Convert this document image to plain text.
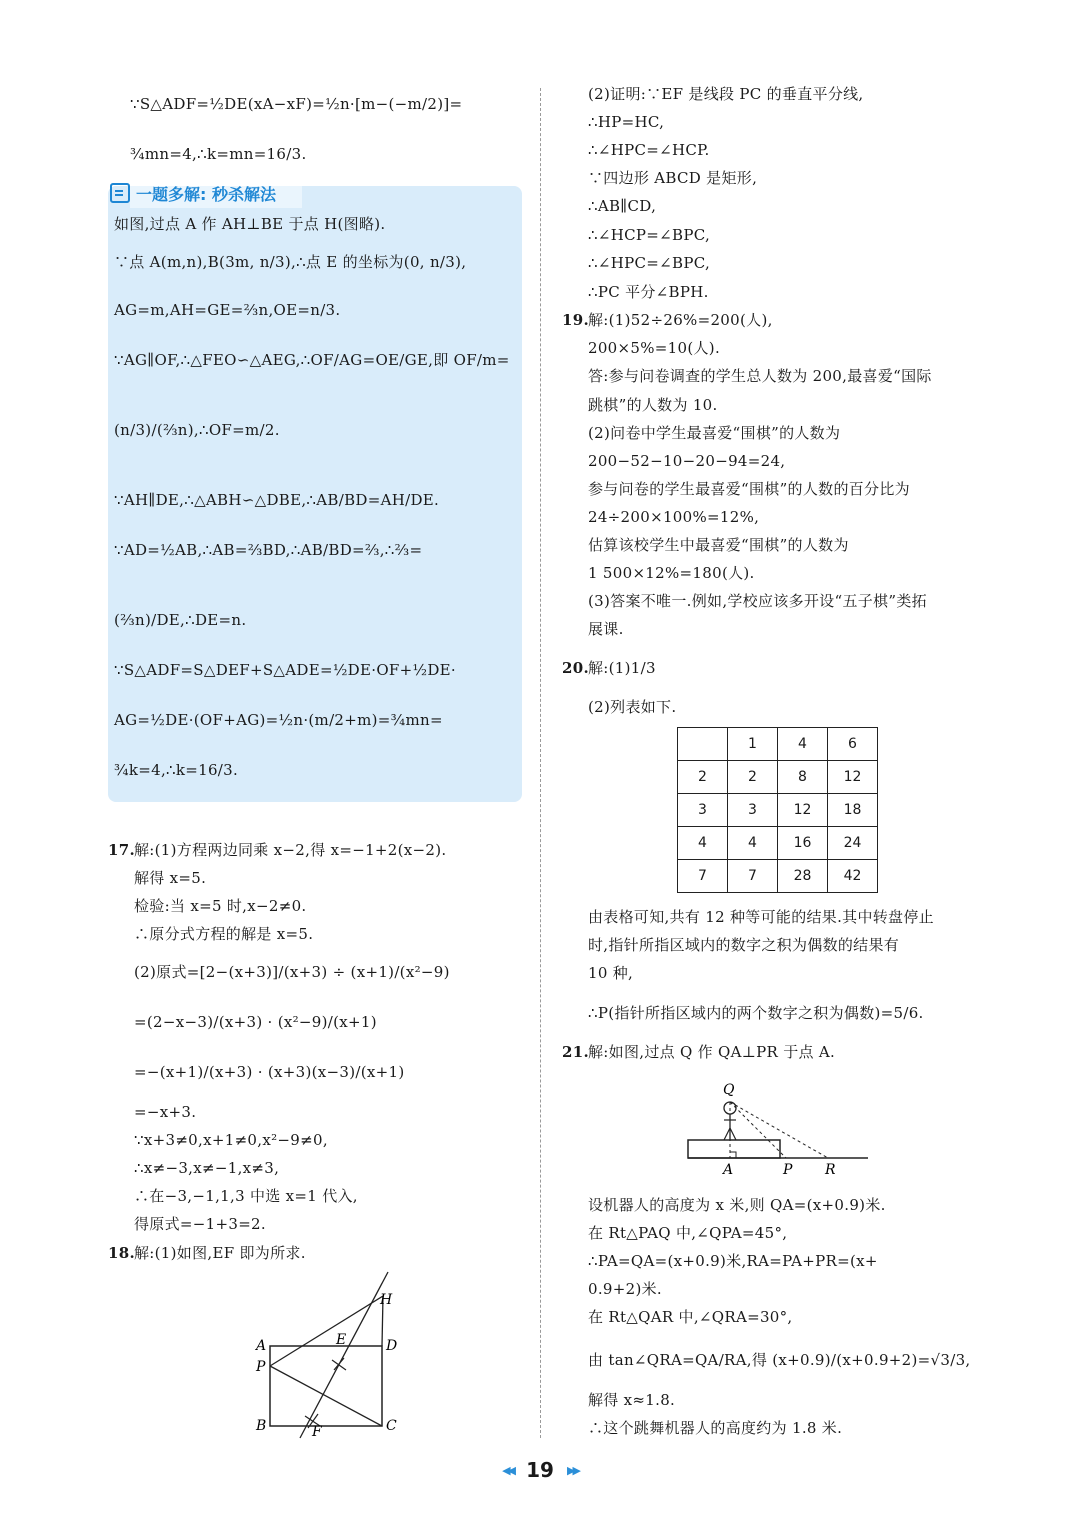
∵S△ADF=½DE(xA−xF)=½n·[m−(−m/2)]=
¾mn=4,∴k=mn=16/3.
一题多解: 秒杀解法
如图,过点 A 作 AH⊥BE 于点 H(图略).
∵点 A(m,n),B(3m, n/3),∴点 E 的坐标为(0, n/3),
AG=m,AH=GE=⅔n,OE=n/3.
∵AG∥OF,∴△FEO∽△AEG,∴OF/AG=OE/GE,即 OF/m=
(n/3)/(⅔n),∴OF=m/2.
∵AH∥DE,∴△ABH∽△DBE,∴AB/BD=AH/DE.
∵AD=½AB,∴AB=⅔BD,∴AB/BD=⅔,∴⅔=
(⅔n)/DE,∴DE=n.
∵S△ADF=S△DEF+S△ADE=½DE·OF+½DE·
AG=½DE·(OF+AG)=½n·(m/2+m)=¾mn=
¾k=4,∴k=16/3.
17. 解:(1)方程两边同乘 x−2,得 x=−1+2(x−2).
解得 x=5.
检验:当 x=5 时,x−2≠0.
∴原分式方程的解是 x=5.
(2)原式=[2−(x+3)]/(x+3) ÷ (x+1)/(x²−9)
=(2−x−3)/(x+3) · (x²−9)/(x+1)
=−(x+1)/(x+3) · (x+3)(x−3)/(x+1)
=−x+3.
∵x+3≠0,x+1≠0,x²−9≠0,
∴x≠−3,x≠−1,x≠3,
∴在−3,−1,1,3 中选 x=1 代入,
得原式=−1+3=2.
18. 解:(1)如图,EF 即为所求.
A
P
B	C
D
E
F
H
(2)证明:∵EF 是线段 PC 的垂直平分线,
∴HP=HC,
∴∠HPC=∠HCP.
∵四边形 ABCD 是矩形,
∴AB∥CD,
∴∠HCP=∠BPC,
∴∠HPC=∠BPC,
∴PC 平分∠BPH.
19. 解:(1)52÷26%=200(人),
200×5%=10(人).
答:参与问卷调查的学生总人数为 200,最喜爱“国际
跳棋”的人数为 10.
(2)问卷中学生最喜爱“围棋”的人数为
200−52−10−20−94=24,
参与问卷的学生最喜爱“围棋”的人数的百分比为
24÷200×100%=12%,
估算该校学生中最喜爱“围棋”的人数为
1 500×12%=180(人).
(3)答案不唯一.例如,学校应该多开设“五子棋”类拓
展课.
20. 解:(1)1/3
(2)列表如下.
	1	4	6
2	2	8	12
3	3	12	18
4	4	16	24
7	7	28	42
由表格可知,共有 12 种等可能的结果.其中转盘停止
时,指针所指区域内的数字之积为偶数的结果有
10 种,
∴P(指针所指区域内的两个数字之积为偶数)=5/6.
21. 解:如图,过点 Q 作 QA⊥PR 于点 A.
Q
A	P R
设机器人的高度为 x 米,则 QA=(x+0.9)米.
在 Rt△PAQ 中,∠QPA=45°,
∴PA=QA=(x+0.9)米,RA=PA+PR=(x+
0.9+2)米.
在 Rt△QAR 中,∠QRA=30°,
由 tan∠QRA=QA/RA,得 (x+0.9)/(x+0.9+2)=√3/3,
解得 x≈1.8.
∴这个跳舞机器人的高度约为 1.8 米.
◀◀ 19 ▶▶
